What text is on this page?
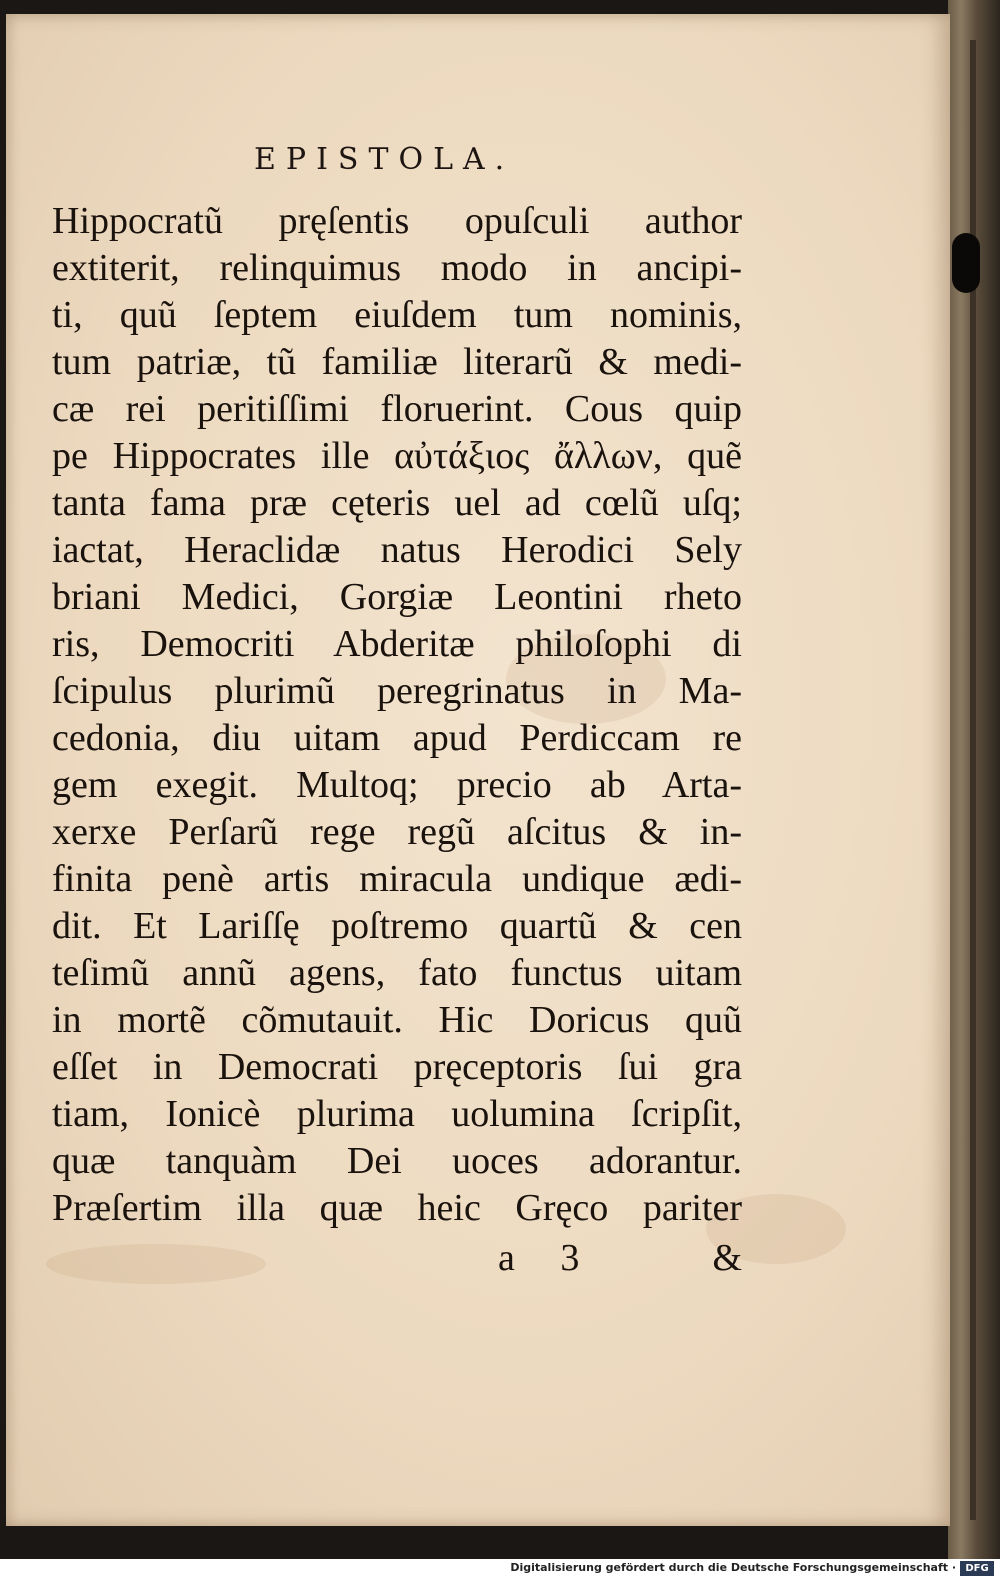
EPISTOLA.
Hippocratũ pręſentis opuſculi author
extiterit, relinquimus modo in ancipi-
ti, quũ ſeptem eiuſdem tum nominis,
tum patriæ, tũ familiæ literarũ & medi-
cæ rei peritiſſimi floruerint. Cous quip
pe Hippocrates ille αὐτάξιος ἄλλων, quẽ
tanta fama præ cęteris uel ad cœlũ uſq;
iactat, Heraclidæ natus Herodici Sely
briani Medici, Gorgiæ Leontini rheto
ris, Democriti Abderitæ philoſophi di
ſcipulus plurimũ peregrinatus in Ma-
cedonia, diu uitam apud Perdiccam re
gem exegit. Multoq; precio ab Arta-
xerxe Perſarũ rege regũ aſcitus & in-
finita penè artis miracula undique ædi-
dit. Et Lariſſę poſtremo quartũ & cen
teſimũ annũ agens, fato functus uitam
in mortẽ cõmutauit. Hic Doricus quũ
eſſet in Democrati pręceptoris ſui gra
tiam, Ionicè plurima uolumina ſcripſit,
quæ tanquàm Dei uoces adorantur.
Præſertim illa quæ heic Gręco pariter
a 3	&
Digitalisierung gefördert durch die Deutsche Forschungsgemeinschaft · DFG
